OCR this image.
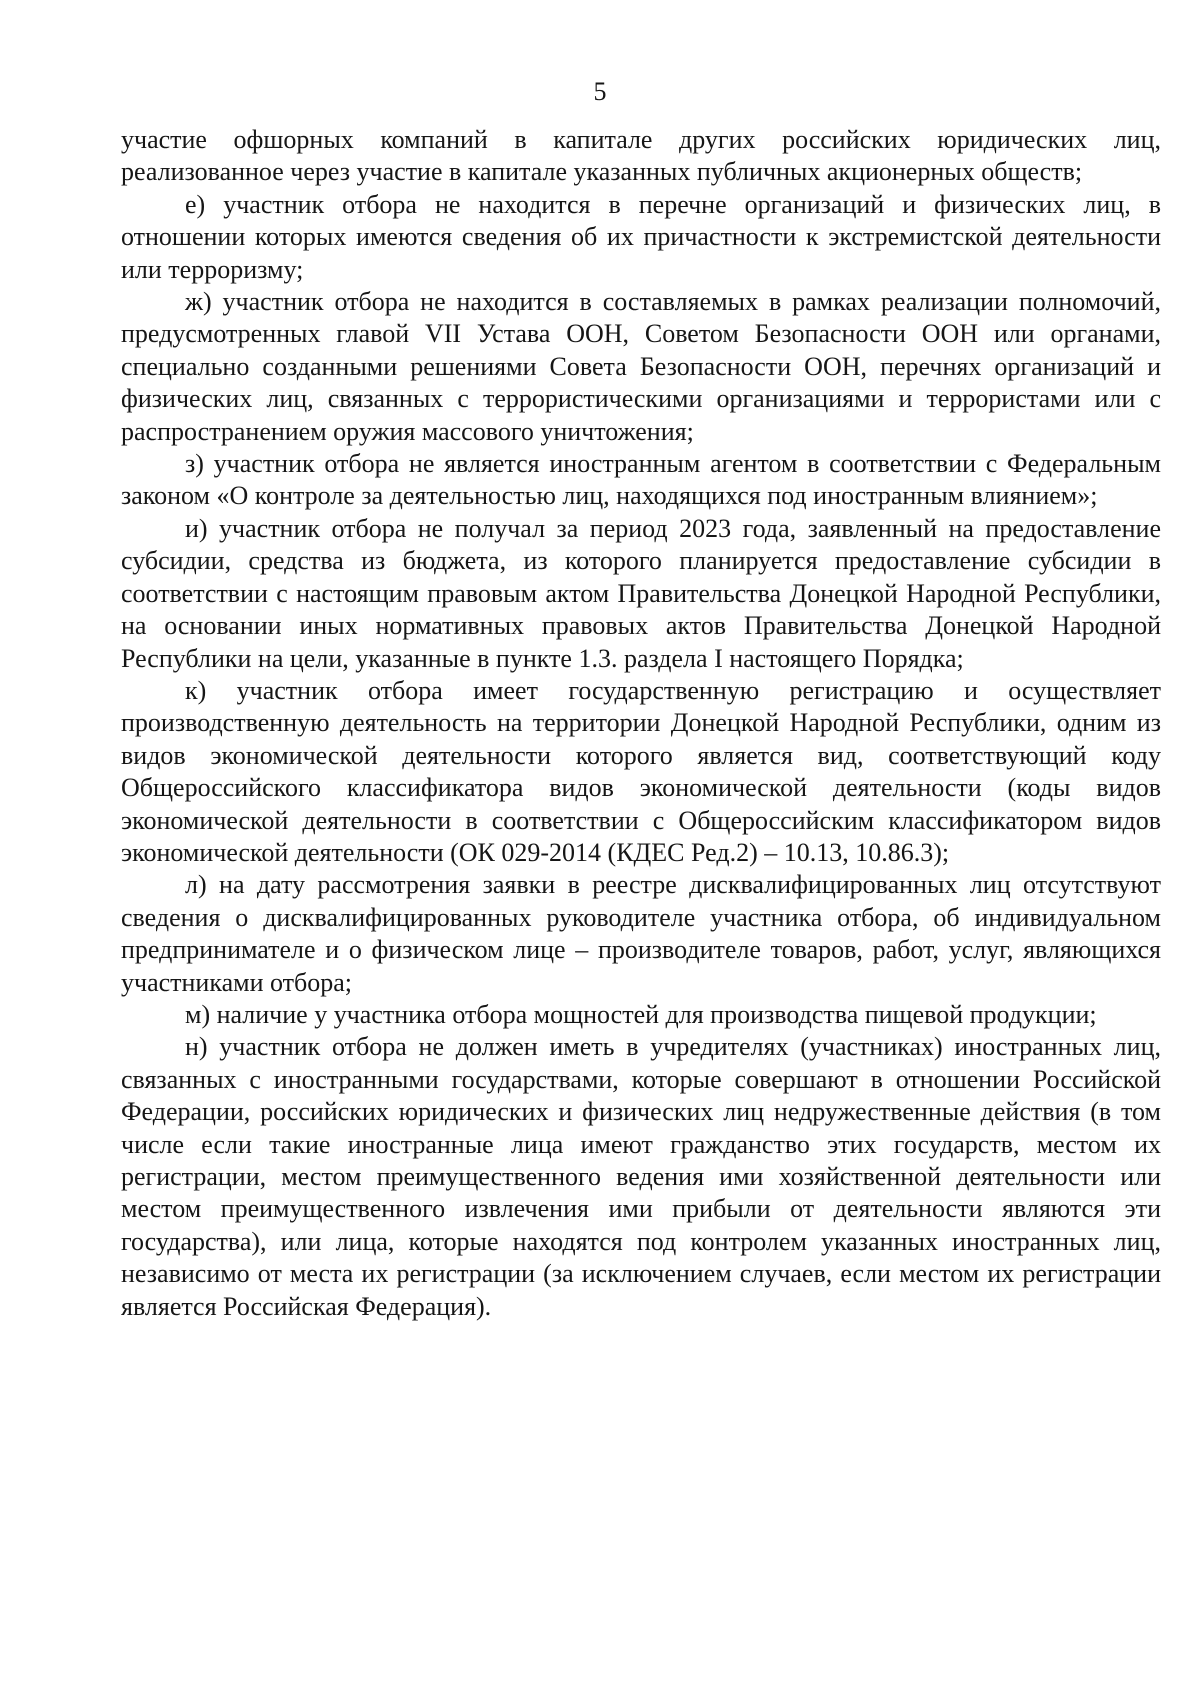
5

участие офшорных компаний в капитале других российских юридических лиц, реализованное через участие в капитале указанных публичных акционерных обществ;

е) участник отбора не находится в перечне организаций и физических лиц, в отношении которых имеются сведения об их причастности к экстремистской деятельности или терроризму;

ж) участник отбора не находится в составляемых в рамках реализации полномочий, предусмотренных главой VII Устава ООН, Советом Безопасности ООН или органами, специально созданными решениями Совета Безопасности ООН, перечнях организаций и физических лиц, связанных с террористическими организациями и террористами или с распространением оружия массового уничтожения;

з) участник отбора не является иностранным агентом в соответствии с Федеральным законом «О контроле за деятельностью лиц, находящихся под иностранным влиянием»;

и) участник отбора не получал за период 2023 года, заявленный на предоставление субсидии, средства из бюджета, из которого планируется предоставление субсидии в соответствии с настоящим правовым актом Правительства Донецкой Народной Республики, на основании иных нормативных правовых актов Правительства Донецкой Народной Республики на цели, указанные в пункте 1.3. раздела I настоящего Порядка;

к) участник отбора имеет государственную регистрацию и осуществляет производственную деятельность на территории Донецкой Народной Республики, одним из видов экономической деятельности которого является вид, соответствующий коду Общероссийского классификатора видов экономической деятельности (коды видов экономической деятельности в соответствии с Общероссийским классификатором видов экономической деятельности (ОК 029-2014 (КДЕС Ред.2) – 10.13, 10.86.3);

л) на дату рассмотрения заявки в реестре дисквалифицированных лиц отсутствуют сведения о дисквалифицированных руководителе участника отбора, об индивидуальном предпринимателе и о физическом лице – производителе товаров, работ, услуг, являющихся участниками отбора;

м) наличие у участника отбора мощностей для производства пищевой продукции;

н) участник отбора не должен иметь в учредителях (участниках) иностранных лиц, связанных с иностранными государствами, которые совершают в отношении Российской Федерации, российских юридических и физических лиц недружественные действия (в том числе если такие иностранные лица имеют гражданство этих государств, местом их регистрации, местом преимущественного ведения ими хозяйственной деятельности или местом преимущественного извлечения ими прибыли от деятельности являются эти государства), или лица, которые находятся под контролем указанных иностранных лиц, независимо от места их регистрации (за исключением случаев, если местом их регистрации является Российская Федерация).
